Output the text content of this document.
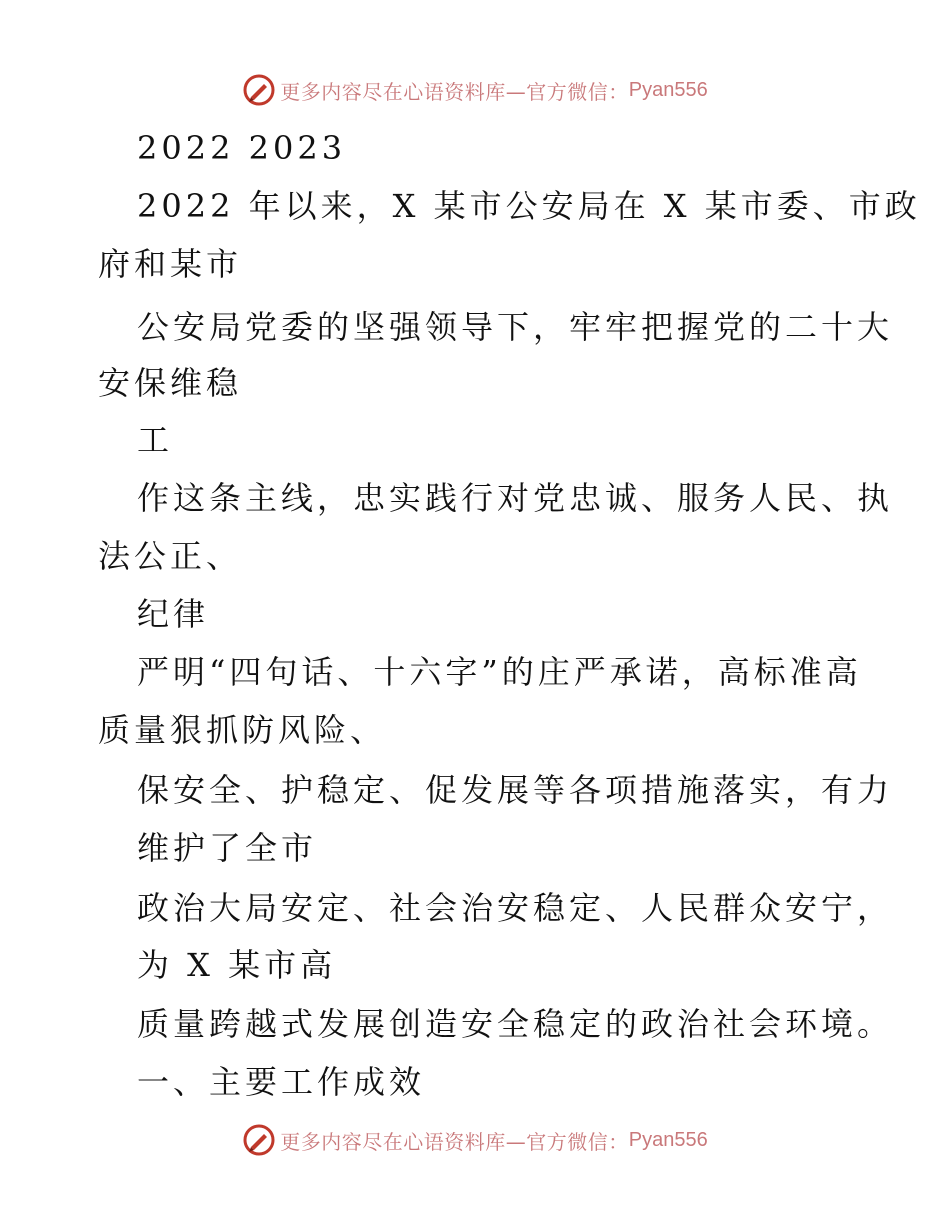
更多内容尽在心语资料库—官方微信： Pyan556
2022 2023
2022 年以来，X 某市公安局在 X 某市委、市政
府和某市
公安局党委的坚强领导下，牢牢把握党的二十大
安保维稳
工
作这条主线，忠实践行对党忠诚、服务人民、执
法公正、
纪律
严明“四句话、十六字”的庄严承诺，高标准高
质量狠抓防风险、
保安全、护稳定、促发展等各项措施落实，有力
维护了全市
政治大局安定、社会治安稳定、人民群众安宁，
为 X 某市高
质量跨越式发展创造安全稳定的政治社会环境。
一、主要工作成效
更多内容尽在心语资料库—官方微信： Pyan556
